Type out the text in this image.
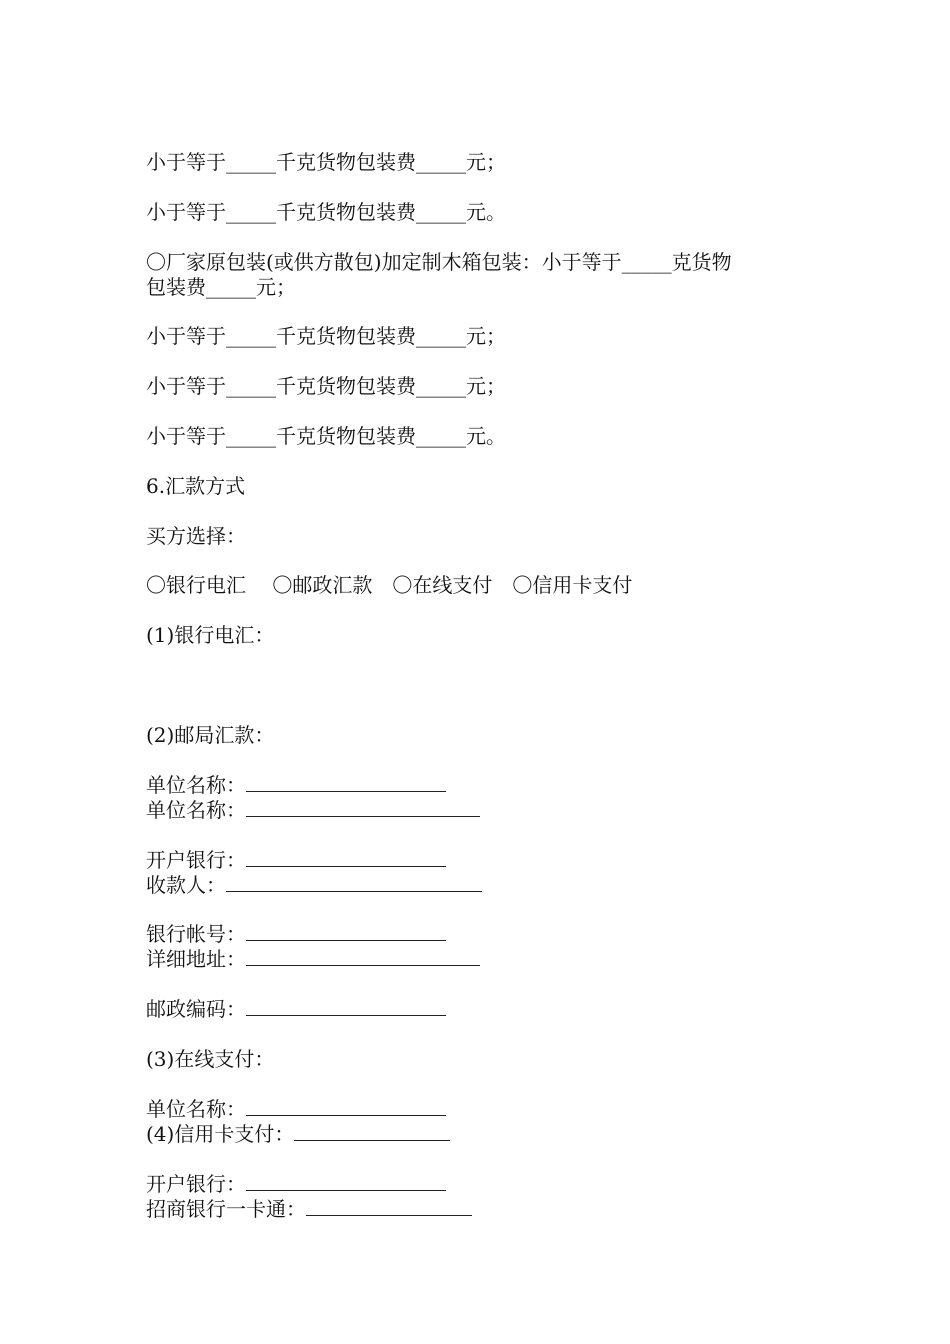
小于等于_____千克货物包装费_____元；
小于等于_____千克货物包装费_____元。
〇厂家原包装(或供方散包)加定制木箱包装：小于等于_____克货物
包装费_____元；
小于等于_____千克货物包装费_____元；
小于等于_____千克货物包装费_____元；
小于等于_____千克货物包装费_____元。
6.汇款方式
买方选择：
〇银行电汇　 〇邮政汇款　〇在线支付　〇信用卡支付
(1)银行电汇：
(2)邮局汇款：
单位名称：
单位名称：
开户银行：
收款人：
银行帐号：
详细地址：
邮政编码：
(3)在线支付：
单位名称：
(4)信用卡支付：
开户银行：
招商银行一卡通：
